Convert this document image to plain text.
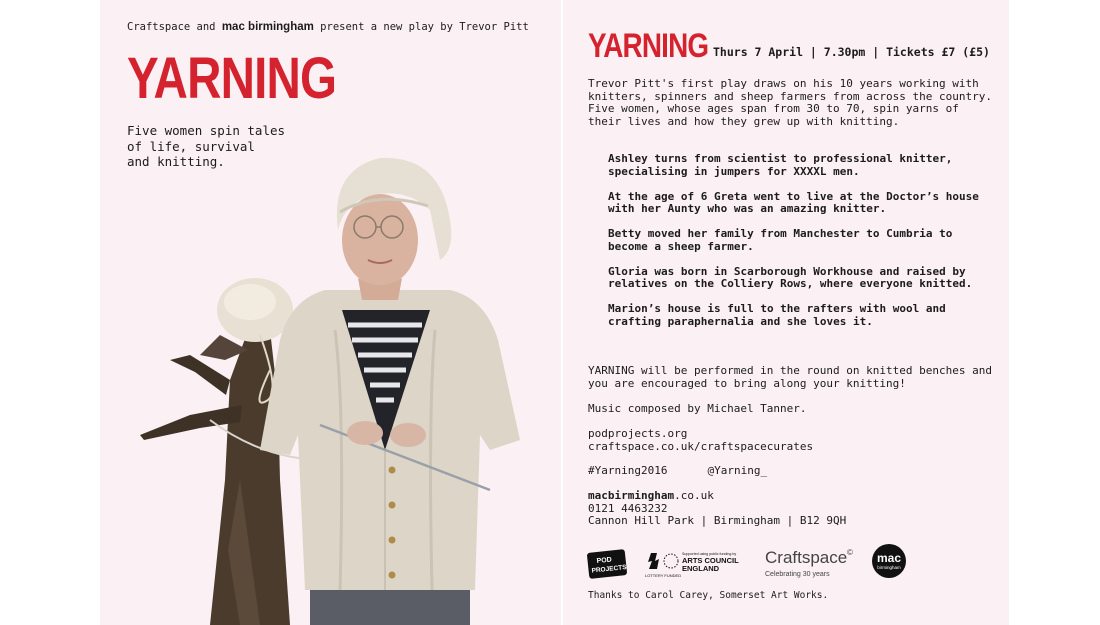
Craftspace and mac birmingham present a new play by Trevor Pitt
YARNING
Five women spin tales
of life, survival
and knitting.
YARNING Thurs 7 April | 7.30pm | Tickets £7 (£5)
Trevor Pitt's first play draws on his 10 years working with knitters, spinners and sheep farmers from across the country. Five women, whose ages span from 30 to 70, spin yarns of their lives and how they grew up with knitting.
Ashley turns from scientist to professional knitter, specialising in jumpers for XXXXL men.
At the age of 6 Greta went to live at the Doctor’s house with her Aunty who was an amazing knitter.
Betty moved her family from Manchester to Cumbria to become a sheep farmer.
Gloria was born in Scarborough Workhouse and raised by relatives on the Colliery Rows, where everyone knitted.
Marion’s house is full to the rafters with wool and crafting paraphernalia and she loves it.
YARNING will be performed in the round on knitted benches and you are encouraged to bring along your knitting!
Music composed by Michael Tanner.
podprojects.org
craftspace.co.uk/craftspacecurates
#Yarning2016	@Yarning_
macbirmingham.co.uk
0121 4463232
Cannon Hill Park | Birmingham | B12 9QH
POD
PROJECTS
Supported using public funding by
ARTS COUNCIL
ENGLAND
LOTTERY FUNDED
Craftspace ©
Celebrating 30 years
mac
birmingham
Thanks to Carol Carey, Somerset Art Works.
